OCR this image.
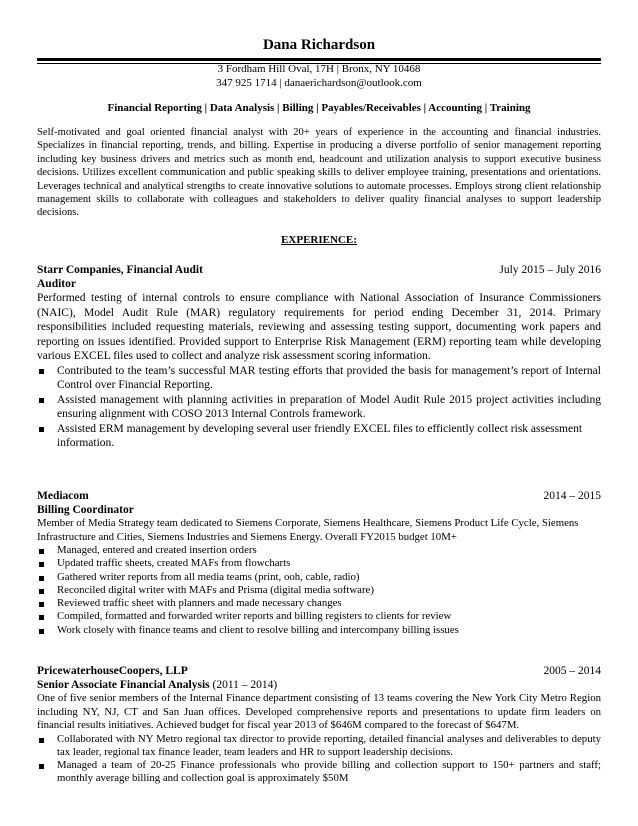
Dana Richardson
3 Fordham Hill Oval, 17H | Bronx, NY 10468
347 925 1714 | danaerichardson@outlook.com
Financial Reporting | Data Analysis | Billing | Payables/Receivables | Accounting | Training
Self-motivated and goal oriented financial analyst with 20+ years of experience in the accounting and financial industries. Specializes in financial reporting, trends, and billing. Expertise in producing a diverse portfolio of senior management reporting including key business drivers and metrics such as month end, headcount and utilization analysis to support executive business decisions. Utilizes excellent communication and public speaking skills to deliver employee training, presentations and orientations. Leverages technical and analytical strengths to create innovative solutions to automate processes. Employs strong client relationship management skills to collaborate with colleagues and stakeholders to deliver quality financial analyses to support leadership decisions.
EXPERIENCE:
Starr Companies, Financial Audit	July 2015 – July 2016
Auditor
Performed testing of internal controls to ensure compliance with National Association of Insurance Commissioners (NAIC), Model Audit Rule (MAR) regulatory requirements for period ending December 31, 2014. Primary responsibilities included requesting materials, reviewing and assessing testing support, documenting work papers and reporting on issues identified. Provided support to Enterprise Risk Management (ERM) reporting team while developing various EXCEL files used to collect and analyze risk assessment scoring information.
Contributed to the team’s successful MAR testing efforts that provided the basis for management’s report of Internal Control over Financial Reporting.
Assisted management with planning activities in preparation of Model Audit Rule 2015 project activities including ensuring alignment with COSO 2013 Internal Controls framework.
Assisted ERM management by developing several user friendly EXCEL files to efficiently collect risk assessment information.
Mediacom	2014 – 2015
Billing Coordinator
Member of Media Strategy team dedicated to Siemens Corporate, Siemens Healthcare, Siemens Product Life Cycle, Siemens Infrastructure and Cities, Siemens Industries and Siemens Energy. Overall FY2015 budget 10M+
Managed, entered and created insertion orders
Updated traffic sheets, created MAFs from flowcharts
Gathered writer reports from all media teams (print, ooh, cable, radio)
Reconciled digital writer with MAFs and Prisma (digital media software)
Reviewed traffic sheet with planners and made necessary changes
Compiled, formatted and forwarded writer reports and billing registers to clients for review
Work closely with finance teams and client to resolve billing and intercompany billing issues
PricewaterhouseCoopers, LLP	2005 – 2014
Senior Associate Financial Analysis (2011 – 2014)
One of five senior members of the Internal Finance department consisting of 13 teams covering the New York City Metro Region including NY, NJ, CT and San Juan offices. Developed comprehensive reports and presentations to update firm leaders on financial results initiatives. Achieved budget for fiscal year 2013 of $646M compared to the forecast of $647M.
Collaborated with NY Metro regional tax director to provide reporting, detailed financial analyses and deliverables to deputy tax leader, regional tax finance leader, team leaders and HR to support leadership decisions.
Managed a team of 20-25 Finance professionals who provide billing and collection support to 150+ partners and staff; monthly average billing and collection goal is approximately $50M
